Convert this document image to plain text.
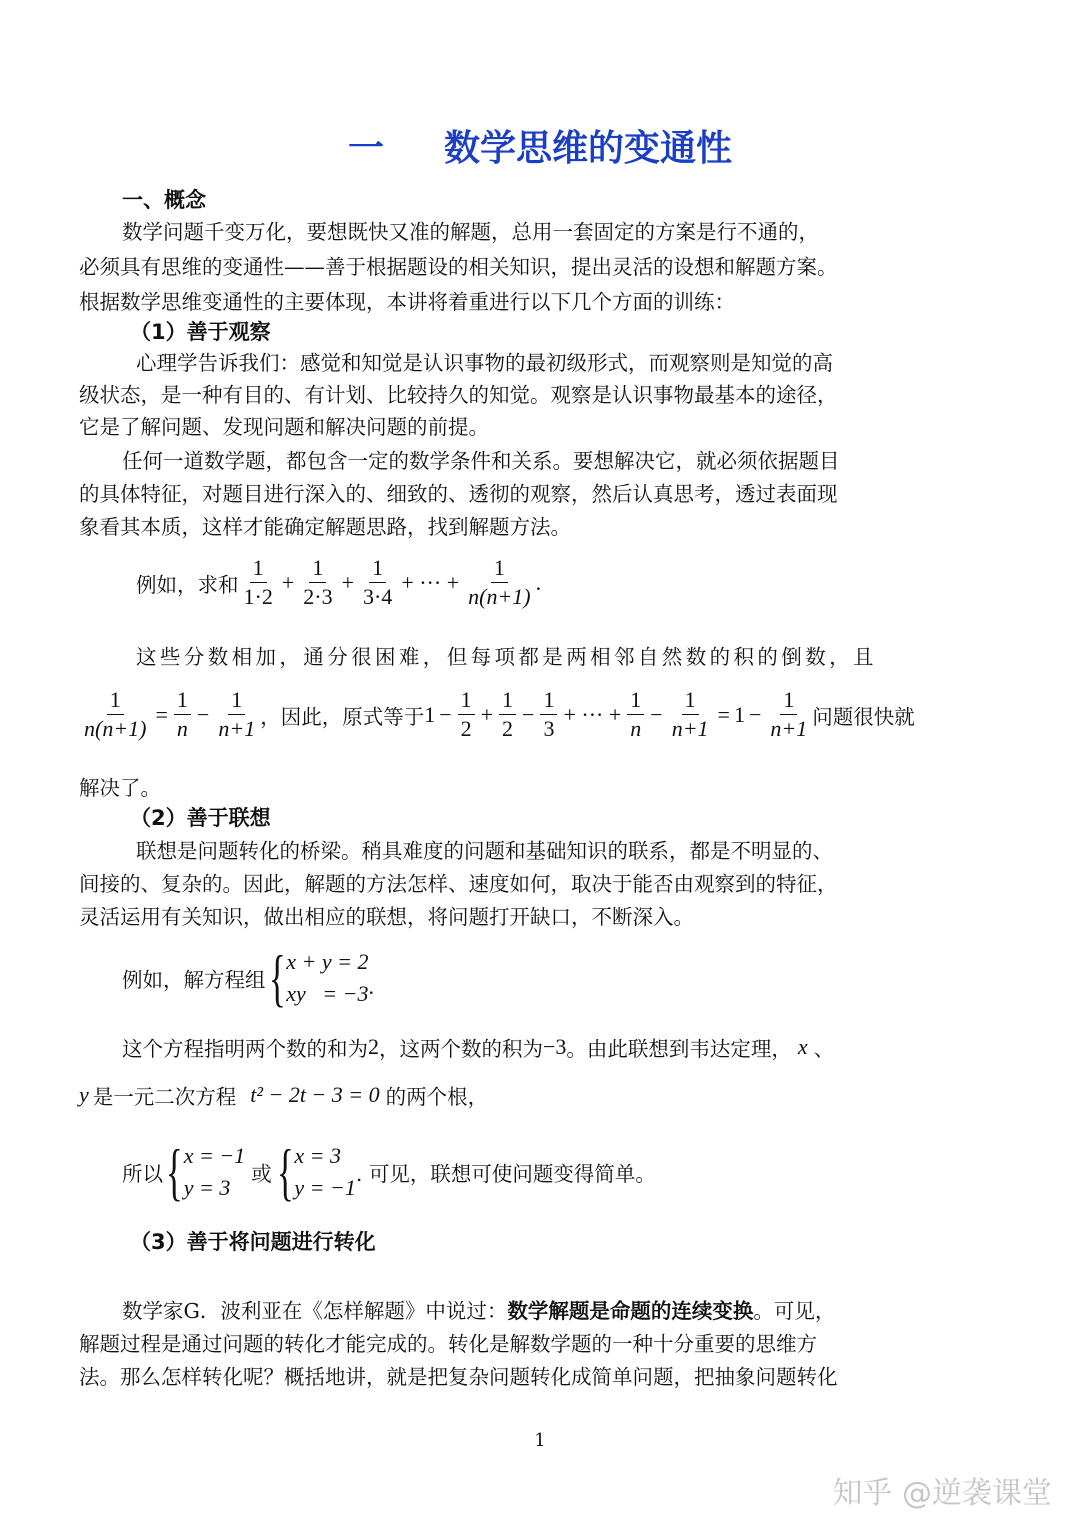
一 数学思维的变通性
一、概念
数学问题千变万化，要想既快又准的解题，总用一套固定的方案是行不通的，
必须具有思维的变通性——善于根据题设的相关知识，提出灵活的设想和解题方案。
根据数学思维变通性的主要体现，本讲将着重进行以下几个方面的训练：
（1）善于观察
心理学告诉我们：感觉和知觉是认识事物的最初级形式，而观察则是知觉的高
级状态，是一种有目的、有计划、比较持久的知觉。观察是认识事物最基本的途径，
它是了解问题、发现问题和解决问题的前提。
任何一道数学题，都包含一定的数学条件和关系。要想解决它，就必须依据题目
的具体特征，对题目进行深入的、细致的、透彻的观察，然后认真思考，透过表面现
象看其本质，这样才能确定解题思路，找到解题方法。
例如，求和 $\frac{1}{1\cdot 2} + \frac{1}{2\cdot 3} + \frac{1}{3\cdot 4}$ + ··· + $\frac{1}{n(n+1)}$ .
这些分数相加，通分很困难，但每项都是两相邻自然数的积的倒数，且
$\frac{1}{n(n+1)} = \frac{1}{n} - \frac{1}{n+1}$ ，因此，原式等于 $1 - \frac{1}{2} + \frac{1}{2} - \frac{1}{3}$ + ··· + $\frac{1}{n} - \frac{1}{n+1} = 1 - \frac{1}{n+1}$ 问题很快就
解决了。
（2）善于联想
联想是问题转化的桥梁。稍具难度的问题和基础知识的联系，都是不明显的、
间接的、复杂的。因此，解题的方法怎样、速度如何，取决于能否由观察到的特征，
灵活运用有关知识，做出相应的联想，将问题打开缺口，不断深入。
例如，解方程组 { x + y = 2
xy   = −3 .
这个方程指明两个数的和为 2 ，这两个数的积为 −3 。由此联想到韦达定理， x 、
y 是一元二次方程 t² − 2t − 3 = 0 的两个根，
所以 { x = −1
y = 3
或 { x = 3
y = −1
. 可见，联想可使问题变得简单。
（3）善于将问题进行转化
数学家G．波利亚在《怎样解题》中说过：数学解题是命题的连续变换。可见，
解题过程是通过问题的转化才能完成的。转化是解数学题的一种十分重要的思维方
法。那么怎样转化呢？概括地讲，就是把复杂问题转化成简单问题，把抽象问题转化
1
知乎 @逆袭课堂
